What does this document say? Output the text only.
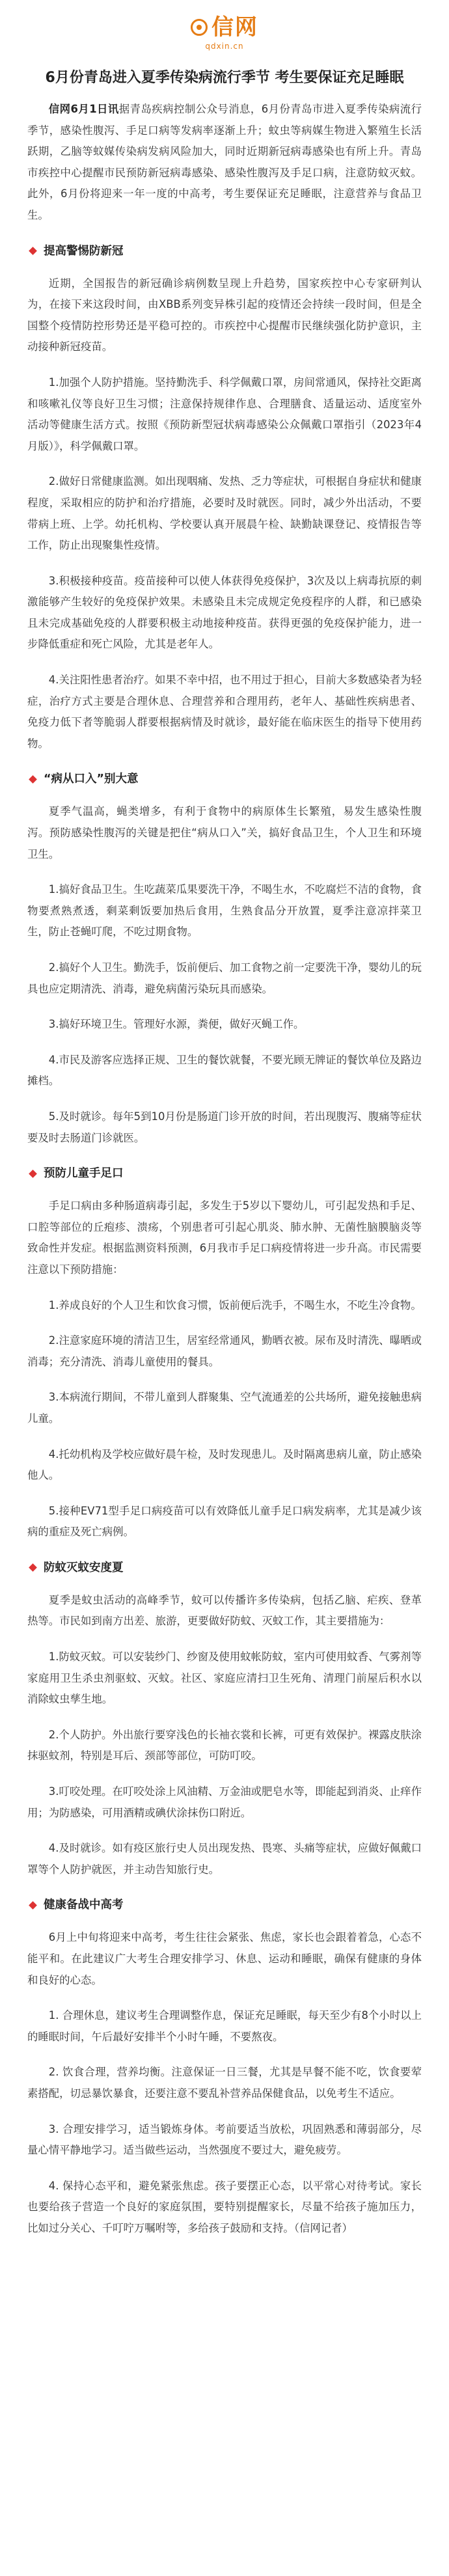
信网
qdxin.cn
6月份青岛进入夏季传染病流行季节 考生要保证充足睡眠

信网6月1日讯据青岛疾病控制公众号消息，6月份青岛市进入夏季传染病流行季节，感染性腹泻、手足口病等发病率逐渐上升；蚊虫等病媒生物进入繁殖生长活跃期，乙脑等蚊媒传染病发病风险加大，同时近期新冠病毒感染也有所上升。青岛市疾控中心提醒市民预防新冠病毒感染、感染性腹泻及手足口病，注意防蚊灭蚊。此外，6月份将迎来一年一度的中高考，考生要保证充足睡眠，注意营养与食品卫生。

提高警惕防新冠

近期，全国报告的新冠确诊病例数呈现上升趋势，国家疾控中心专家研判认为，在接下来这段时间，由XBB系列变异株引起的疫情还会持续一段时间，但是全国整个疫情防控形势还是平稳可控的。市疾控中心提醒市民继续强化防护意识，主动接种新冠疫苗。

1.加强个人防护措施。坚持勤洗手、科学佩戴口罩，房间常通风，保持社交距离和咳嗽礼仪等良好卫生习惯；注意保持规律作息、合理膳食、适量运动、适度室外活动等健康生活方式。按照《预防新型冠状病毒感染公众佩戴口罩指引（2023年4月版）》，科学佩戴口罩。

2.做好日常健康监测。如出现咽痛、发热、乏力等症状，可根据自身症状和健康程度，采取相应的防护和治疗措施，必要时及时就医。同时，减少外出活动，不要带病上班、上学。幼托机构、学校要认真开展晨午检、缺勤缺课登记、疫情报告等工作，防止出现聚集性疫情。

3.积极接种疫苗。疫苗接种可以使人体获得免疫保护，3次及以上病毒抗原的刺激能够产生较好的免疫保护效果。未感染且未完成规定免疫程序的人群，和已感染且未完成基础免疫的人群要积极主动地接种疫苗。获得更强的免疫保护能力，进一步降低重症和死亡风险，尤其是老年人。

4.关注阳性患者治疗。如果不幸中招，也不用过于担心，目前大多数感染者为轻症，治疗方式主要是合理休息、合理营养和合理用药，老年人、基础性疾病患者、免疫力低下者等脆弱人群要根据病情及时就诊，最好能在临床医生的指导下使用药物。

“病从口入”别大意

夏季气温高，蝇类增多，有利于食物中的病原体生长繁殖，易发生感染性腹泻。预防感染性腹泻的关键是把住“病从口入”关，搞好食品卫生，个人卫生和环境卫生。

1.搞好食品卫生。生吃蔬菜瓜果要洗干净，不喝生水，不吃腐烂不洁的食物，食物要煮熟煮透，剩菜剩饭要加热后食用，生熟食品分开放置，夏季注意凉拌菜卫生，防止苍蝇叮爬，不吃过期食物。

2.搞好个人卫生。勤洗手，饭前便后、加工食物之前一定要洗干净，婴幼儿的玩具也应定期清洗、消毒，避免病菌污染玩具而感染。

3.搞好环境卫生。管理好水源，粪便，做好灭蝇工作。

4.市民及游客应选择正规、卫生的餐饮就餐，不要光顾无牌证的餐饮单位及路边摊档。

5.及时就诊。每年5到10月份是肠道门诊开放的时间，若出现腹泻、腹痛等症状要及时去肠道门诊就医。

预防儿童手足口

手足口病由多种肠道病毒引起，多发生于5岁以下婴幼儿，可引起发热和手足、口腔等部位的丘疱疹、溃疡，个别患者可引起心肌炎、肺水肿、无菌性脑膜脑炎等致命性并发症。根据监测资料预测，6月我市手足口病疫情将进一步升高。市民需要注意以下预防措施：

1.养成良好的个人卫生和饮食习惯，饭前便后洗手，不喝生水，不吃生冷食物。

2.注意家庭环境的清洁卫生，居室经常通风，勤晒衣被。尿布及时清洗、曝晒或消毒；充分清洗、消毒儿童使用的餐具。

3.本病流行期间，不带儿童到人群聚集、空气流通差的公共场所，避免接触患病儿童。

4.托幼机构及学校应做好晨午检，及时发现患儿。及时隔离患病儿童，防止感染他人。

5.接种EV71型手足口病疫苗可以有效降低儿童手足口病发病率，尤其是减少该病的重症及死亡病例。

防蚊灭蚊安度夏

夏季是蚊虫活动的高峰季节，蚊可以传播许多传染病，包括乙脑、疟疾、登革热等。市民如到南方出差、旅游，更要做好防蚊、灭蚊工作，其主要措施为：

1.防蚊灭蚊。可以安装纱门、纱窗及使用蚊帐防蚊，室内可使用蚊香、气雾剂等家庭用卫生杀虫剂驱蚊、灭蚊。社区、家庭应清扫卫生死角、清理门前屋后积水以消除蚊虫孳生地。

2.个人防护。外出旅行要穿浅色的长袖衣裳和长裤，可更有效保护。裸露皮肤涂抹驱蚊剂，特别是耳后、颈部等部位，可防叮咬。

3.叮咬处理。在叮咬处涂上风油精、万金油或肥皂水等，即能起到消炎、止痒作用；为防感染，可用酒精或碘伏涂抹伤口附近。

4.及时就诊。如有疫区旅行史人员出现发热、畏寒、头痛等症状，应做好佩戴口罩等个人防护就医，并主动告知旅行史。

健康备战中高考

6月上中旬将迎来中高考，考生往往会紧张、焦虑，家长也会跟着着急，心态不能平和。在此建议广大考生合理安排学习、休息、运动和睡眠，确保有健康的身体和良好的心态。

1. 合理休息，建议考生合理调整作息，保证充足睡眠，每天至少有8个小时以上的睡眠时间，午后最好安排半个小时午睡，不要熬夜。

2. 饮食合理，营养均衡。注意保证一日三餐，尤其是早餐不能不吃，饮食要荤素搭配，切忌暴饮暴食，还要注意不要乱补营养品保健食品，以免考生不适应。

3. 合理安排学习，适当锻炼身体。考前要适当放松，巩固熟悉和薄弱部分，尽量心情平静地学习。适当做些运动，当然强度不要过大，避免疲劳。

4. 保持心态平和，避免紧张焦虑。孩子要摆正心态，以平常心对待考试。家长也要给孩子营造一个良好的家庭氛围，要特别提醒家长，尽量不给孩子施加压力，比如过分关心、千叮咛万嘱咐等，多给孩子鼓励和支持。（信网记者）
